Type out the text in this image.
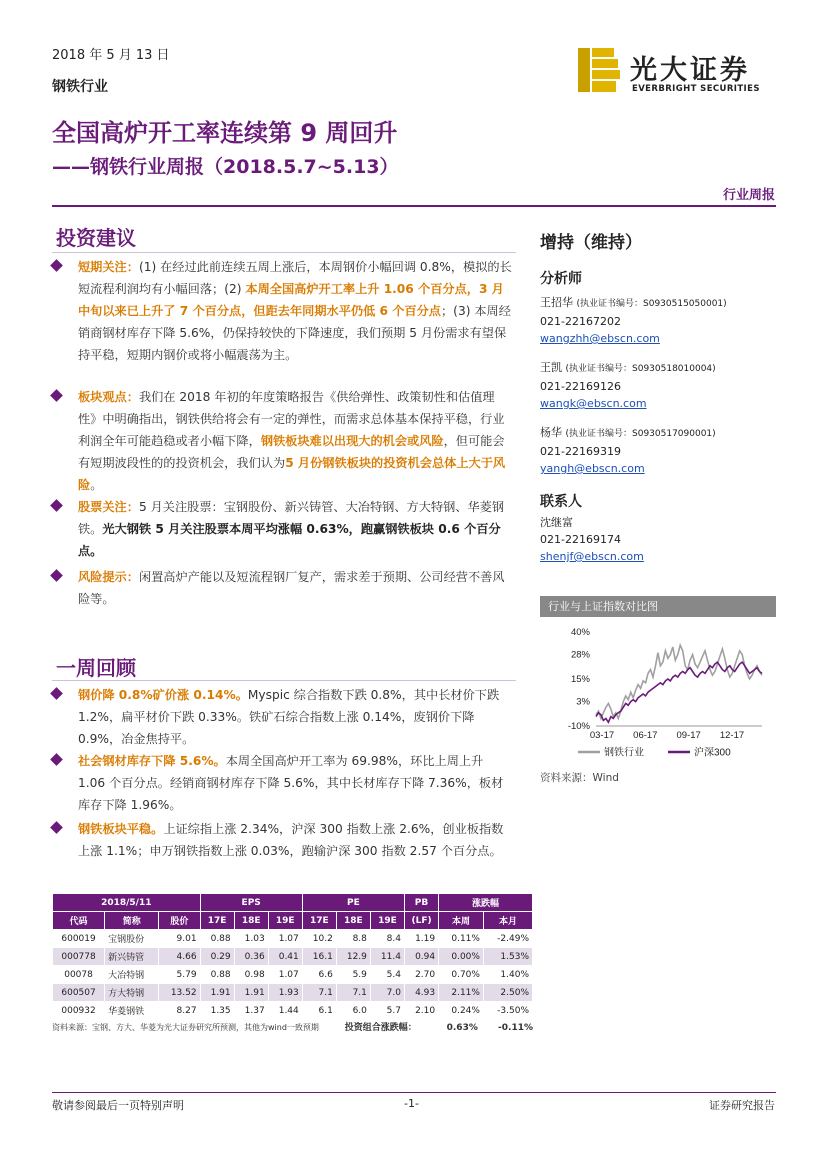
2018 年 5 月 13 日
钢铁行业
全国高炉开工率连续第 9 周回升
——钢铁行业周报（2018.5.7~5.13）
行业周报
光大证券
EVERBRIGHT SECURITIES
投资建议
短期关注：(1) 在经过此前连续五周上涨后，本周钢价小幅回调 0.8%，模拟的长短流程利润均有小幅回落；(2) 本周全国高炉开工率上升 1.06 个百分点，3 月中旬以来已上升了 7 个百分点，但距去年同期水平仍低 6 个百分点；(3) 本周经销商钢材库存下降 5.6%，仍保持较快的下降速度，我们预期 5 月份需求有望保持平稳，短期内钢价或将小幅震荡为主。
板块观点：我们在 2018 年初的年度策略报告《供给弹性、政策韧性和估值理性》中明确指出，钢铁供给将会有一定的弹性，而需求总体基本保持平稳，行业利润全年可能趋稳或者小幅下降，钢铁板块难以出现大的机会或风险，但可能会有短期波段性的的投资机会，我们认为5 月份钢铁板块的投资机会总体上大于风险。
股票关注：5 月关注股票：宝钢股份、新兴铸管、大冶特钢、方大特钢、华菱钢铁。光大钢铁 5 月关注股票本周平均涨幅 0.63%，跑赢钢铁板块 0.6 个百分点。
风险提示：闲置高炉产能以及短流程钢厂复产，需求差于预期、公司经营不善风险等。
一周回顾
钢价降 0.8%矿价涨 0.14%。Myspic 综合指数下跌 0.8%，其中长材价下跌 1.2%，扁平材价下跌 0.33%。铁矿石综合指数上涨 0.14%，废钢价下降 0.9%，冶金焦持平。
社会钢材库存下降 5.6%。本周全国高炉开工率为 69.98%，环比上周上升 1.06 个百分点。经销商钢材库存下降 5.6%，其中长材库存下降 7.36%，板材库存下降 1.96%。
钢铁板块平稳。上证综指上涨 2.34%，沪深 300 指数上涨 2.6%，创业板指数上涨 1.1%；申万钢铁指数上涨 0.03%，跑输沪深 300 指数 2.57 个百分点。
增持（维持）
分析师
王招华 (执业证书编号：S0930515050001)
021-22167202
wangzhh@ebscn.com
王凯 (执业证书编号：S0930518010004)
021-22169126
wangk@ebscn.com
杨华 (执业证书编号：S0930517090001)
021-22169319
yangh@ebscn.com
联系人
沈继富
021-22169174
shenjf@ebscn.com
行业与上证指数对比图
40%
28%
15%
3%
-10%
03-17 06-17 09-17 12-17
钢铁行业	沪深300
资料来源：Wind
2018/5/11			EPS			PE			PB	涨跌幅	
代码	简称	股价	17E	18E	19E	17E	18E	19E	(LF)	本周	本月
600019	宝钢股份	9.01	0.88	1.03	1.07	10.2	8.8	8.4	1.19	0.11%	-2.49%
000778	新兴铸管	4.66	0.29	0.36	0.41	16.1	12.9	11.4	0.94	0.00%	1.53%
00078	大冶特钢	5.79	0.88	0.98	1.07	6.6	5.9	5.4	2.70	0.70%	1.40%
600507	方大特钢	13.52	1.91	1.91	1.93	7.1	7.1	7.0	4.93	2.11%	2.50%
000932	华菱钢铁	8.27	1.35	1.37	1.44	6.1	6.0	5.7	2.10	0.24%	-3.50%
资料来源：宝钢、方大、华菱为光大证券研究所预测，其他为wind一致预期	投资组合涨跌幅：	0.63% -0.11%
敬请参阅最后一页特别声明	-1-	证券研究报告
